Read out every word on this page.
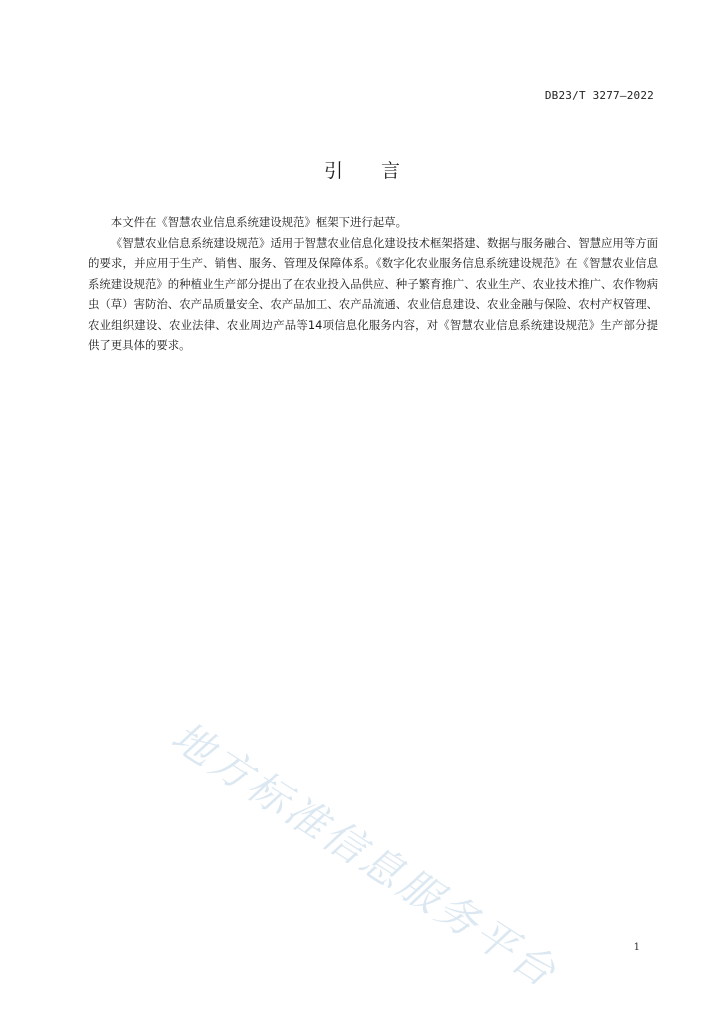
DB23/T 3277—2022
引言

本文件在《智慧农业信息系统建设规范》框架下进行起草。

《智慧农业信息系统建设规范》适用于智慧农业信息化建设技术框架搭建、数据与服务融合、智慧应用等方面的要求，并应用于生产、销售、服务、管理及保障体系。《数字化农业服务信息系统建设规范》在《智慧农业信息系统建设规范》的种植业生产部分提出了在农业投入品供应、种子繁育推广、农业生产、农业技术推广、农作物病虫（草）害防治、农产品质量安全、农产品加工、农产品流通、农业信息建设、农业金融与保险、农村产权管理、农业组织建设、农业法律、农业周边产品等14项信息化服务内容，对《智慧农业信息系统建设规范》生产部分提供了更具体的要求。

地方标准信息服务平台	1
